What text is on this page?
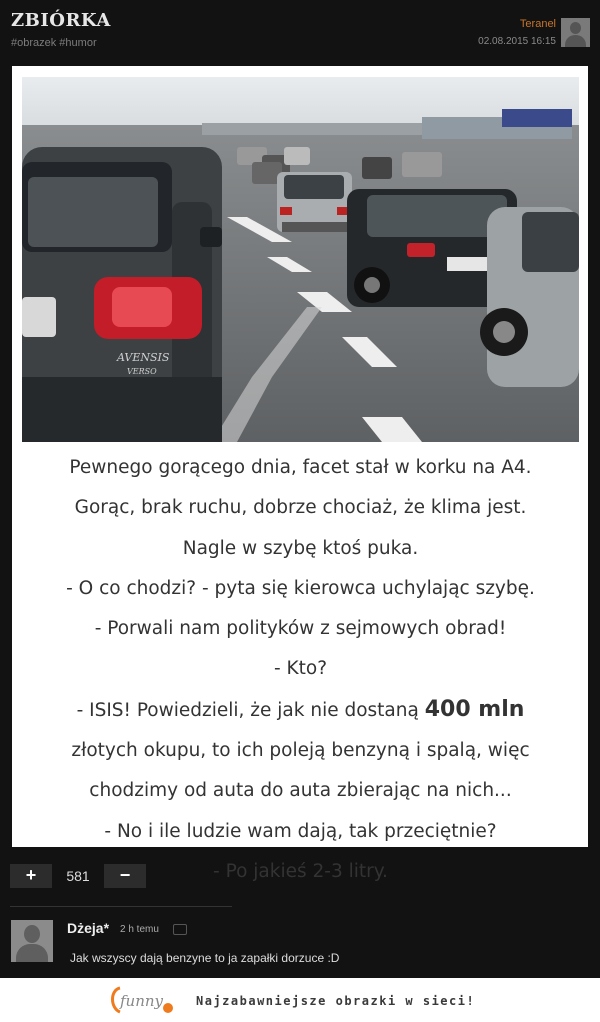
ZBIÓRKA
#obrazek #humor
Teranel
02.08.2015 16:15
AVENSIS
VERSO
Pewnego gorącego dnia, facet stał w korku na A4.
Gorąc, brak ruchu, dobrze chociaż, że klima jest.
Nagle w szybę ktoś puka.
- O co chodzi? - pyta się kierowca uchylając szybę.
- Porwali nam polityków z sejmowych obrad!
- Kto?
- ISIS! Powiedzieli, że jak nie dostaną 400 mln
złotych okupu, to ich poleją benzyną i spalą, więc
chodzimy od auta do auta zbierając na nich...
- No i ile ludzie wam dają, tak przeciętnie?
- Po jakieś 2-3 litry.
+	581	−
Dżeja* 2 h temu
Jak wszyscy dają benzyne to ja zapałki dorzuce :D
funny	Najzabawniejsze obrazki w sieci!
